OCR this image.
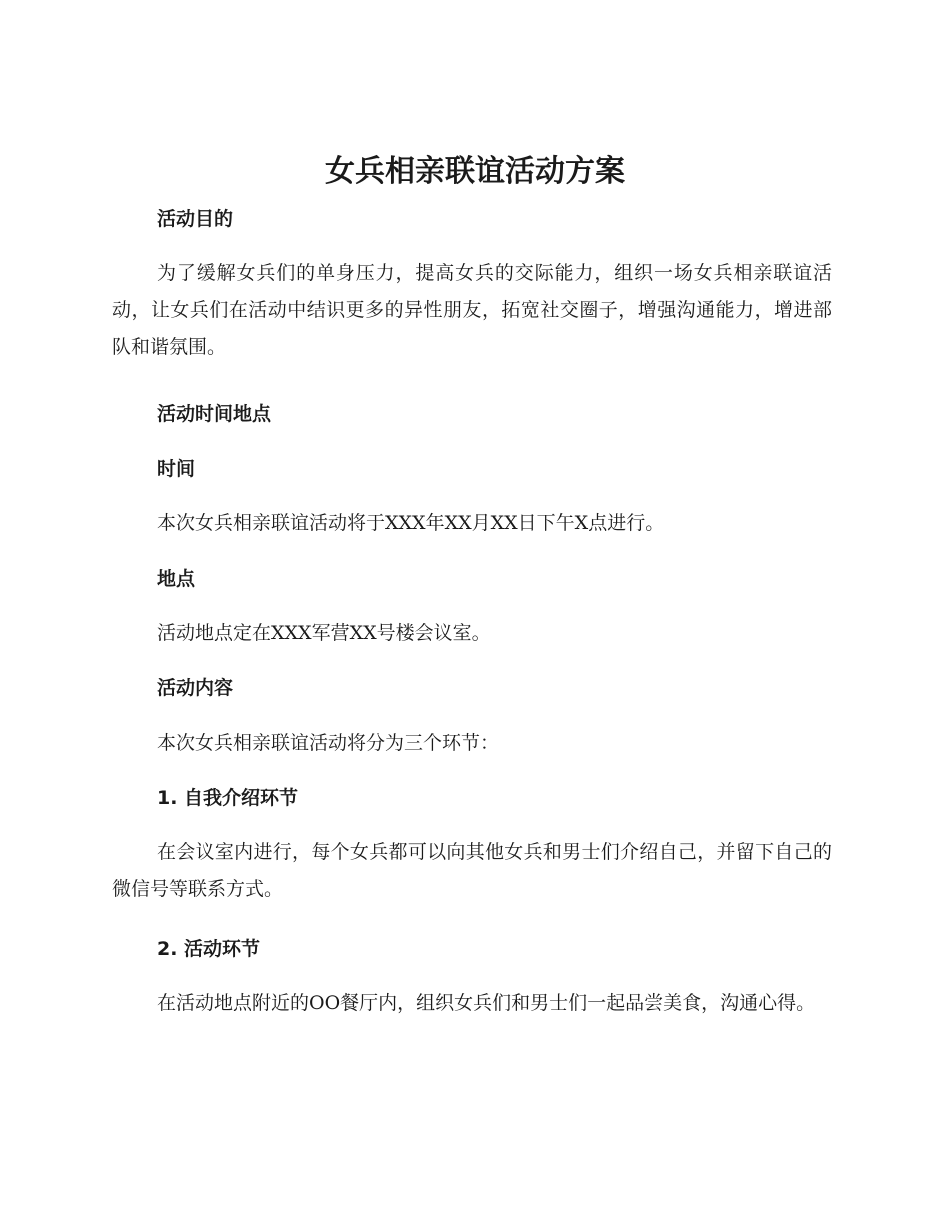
女兵相亲联谊活动方案
活动目的

为了缓解女兵们的单身压力，提高女兵的交际能力，组织一场女兵相亲联谊活动，让女兵们在活动中结识更多的异性朋友，拓宽社交圈子，增强沟通能力，增进部队和谐氛围。

活动时间地点
时间

本次女兵相亲联谊活动将于XXX年XX月XX日下午X点进行。

地点

活动地点定在XXX军营XX号楼会议室。

活动内容

本次女兵相亲联谊活动将分为三个环节：

1. 自我介绍环节

在会议室内进行，每个女兵都可以向其他女兵和男士们介绍自己，并留下自己的微信号等联系方式。

2. 活动环节

在活动地点附近的OO餐厅内，组织女兵们和男士们一起品尝美食，沟通心得。
